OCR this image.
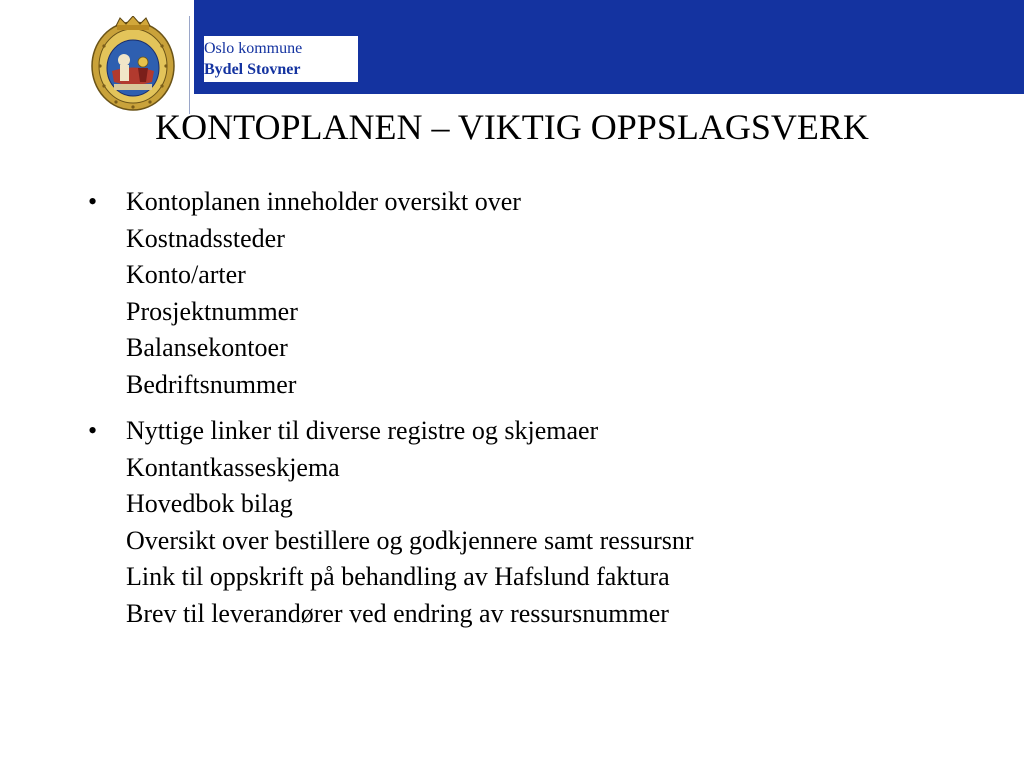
Oslo kommune
Bydel Stovner
KONTOPLANEN – VIKTIG OPPSLAGSVERK
• Kontoplanen inneholder oversikt over
Kostnadssteder
Konto/arter
Prosjektnummer
Balansekontoer
Bedriftsnummer
• Nyttige linker til diverse registre og skjemaer
Kontantkasseskjema
Hovedbok bilag
Oversikt over bestillere og godkjennere samt ressursnr
Link til oppskrift på behandling av Hafslund faktura
Brev til leverandører ved endring av ressursnummer
